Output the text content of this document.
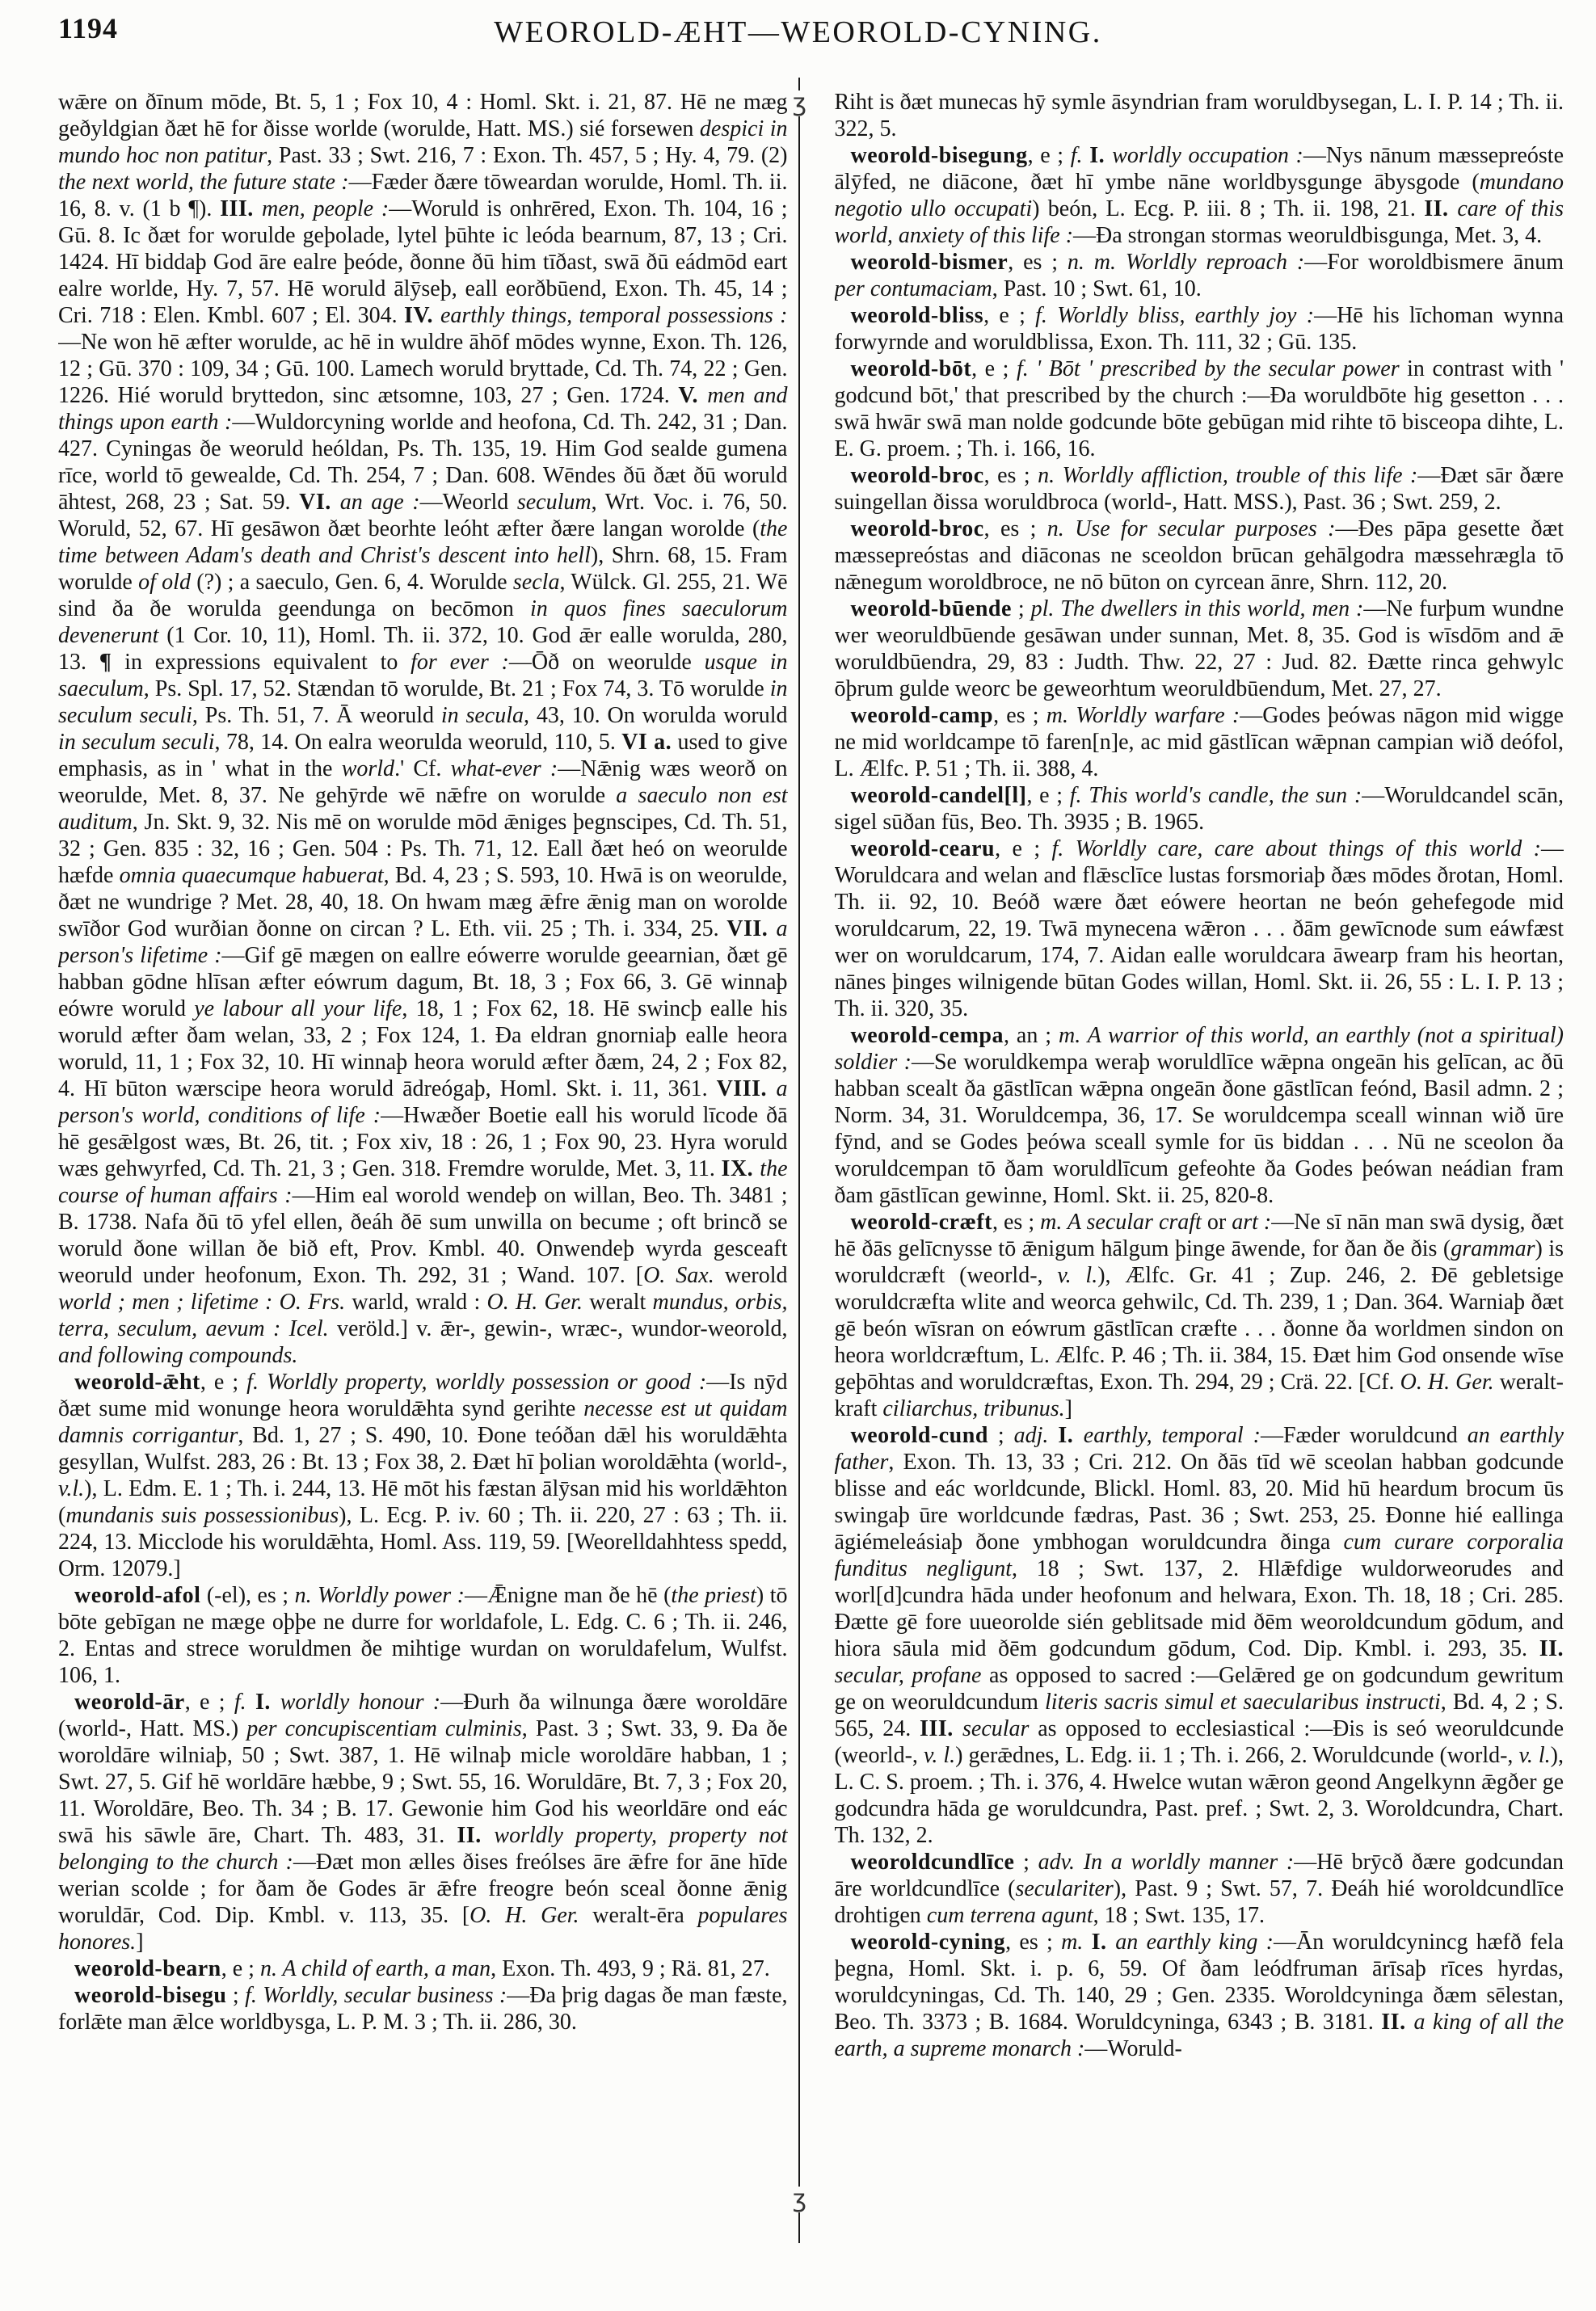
1194	WEOROLD-ÆHT—WEOROLD-CYNING.
ʒ
ʒ

wǣre on ðīnum mōde, Bt. 5, 1 ; Fox 10, 4 : Homl. Skt. i. 21, 87. Hē ne mæg geðyldgian ðæt hē for ðisse worlde (worulde, Hatt. MS.) sié forsewen despici in mundo hoc non patitur, Past. 33 ; Swt. 216, 7 : Exon. Th. 457, 5 ; Hy. 4, 79. (2) the next world, the future state :—Fæder ðære tōweardan worulde, Homl. Th. ii. 16, 8. v. (1 b ¶). III. men, people :—Woruld is onhrēred, Exon. Th. 104, 16 ; Gū. 8. Ic ðæt for worulde geþolade, lytel þūhte ic leóda bearnum, 87, 13 ; Cri. 1424. Hī biddaþ God āre ealre þeóde, ðonne ðū him tīðast, swā ðū eádmōd eart ealre worlde, Hy. 7, 57. Hē woruld ālȳseþ, eall eorðbūend, Exon. Th. 45, 14 ; Cri. 718 : Elen. Kmbl. 607 ; El. 304. IV. earthly things, temporal possessions :—Ne won hē æfter worulde, ac hē in wuldre āhōf mōdes wynne, Exon. Th. 126, 12 ; Gū. 370 : 109, 34 ; Gū. 100. Lamech woruld bryttade, Cd. Th. 74, 22 ; Gen. 1226. Hié woruld bryttedon, sinc ætsomne, 103, 27 ; Gen. 1724. V. men and things upon earth :—Wuldorcyning worlde and heofona, Cd. Th. 242, 31 ; Dan. 427. Cyningas ðe weoruld heóldan, Ps. Th. 135, 19. Him God sealde gumena rīce, world tō gewealde, Cd. Th. 254, 7 ; Dan. 608. Wēndes ðū ðæt ðū woruld āhtest, 268, 23 ; Sat. 59. VI. an age :—Weorld seculum, Wrt. Voc. i. 76, 50. Woruld, 52, 67. Hī gesāwon ðæt beorhte leóht æfter ðære langan worolde (the time between Adam's death and Christ's descent into hell), Shrn. 68, 15. Fram worulde of old (?) ; a saeculo, Gen. 6, 4. Worulde secla, Wülck. Gl. 255, 21. Wē sind ða ðe worulda geendunga on becōmon in quos fines saeculorum devenerunt (1 Cor. 10, 11), Homl. Th. ii. 372, 10. God ǣr ealle worulda, 280, 13. ¶ in expressions equivalent to for ever :—Ōð on weorulde usque in saeculum, Ps. Spl. 17, 52. Stændan tō worulde, Bt. 21 ; Fox 74, 3. Tō worulde in seculum seculi, Ps. Th. 51, 7. Ā weoruld in secula, 43, 10. On worulda woruld in seculum seculi, 78, 14. On ealra weorulda weoruld, 110, 5. VI a. used to give emphasis, as in ' what in the world.' Cf. what-ever :—Nǣnig wæs weorð on weorulde, Met. 8, 37. Ne gehȳrde wē nǣfre on worulde a saeculo non est auditum, Jn. Skt. 9, 32. Nis mē on worulde mōd ǣniges þegnscipes, Cd. Th. 51, 32 ; Gen. 835 : 32, 16 ; Gen. 504 : Ps. Th. 71, 12. Eall ðæt heó on weorulde hæfde omnia quaecumque habuerat, Bd. 4, 23 ; S. 593, 10. Hwā is on weorulde, ðæt ne wundrige ? Met. 28, 40, 18. On hwam mæg ǣfre ǣnig man on worolde swīðor God wurðian ðonne on circan ? L. Eth. vii. 25 ; Th. i. 334, 25. VII. a person's lifetime :—Gif gē mægen on eallre eówerre worulde geearnian, ðæt gē habban gōdne hlīsan æfter eówrum dagum, Bt. 18, 3 ; Fox 66, 3. Gē winnaþ eówre woruld ye labour all your life, 18, 1 ; Fox 62, 18. Hē swincþ ealle his woruld æfter ðam welan, 33, 2 ; Fox 124, 1. Ða eldran gnorniaþ ealle heora woruld, 11, 1 ; Fox 32, 10. Hī winnaþ heora woruld æfter ðæm, 24, 2 ; Fox 82, 4. Hī būton wærscipe heora woruld ādreógaþ, Homl. Skt. i. 11, 361. VIII. a person's world, conditions of life :—Hwæðer Boetie eall his woruld līcode ðā hē gesǣlgost wæs, Bt. 26, tit. ; Fox xiv, 18 : 26, 1 ; Fox 90, 23. Hyra woruld wæs gehwyrfed, Cd. Th. 21, 3 ; Gen. 318. Fremdre worulde, Met. 3, 11. IX. the course of human affairs :—Him eal worold wendeþ on willan, Beo. Th. 3481 ; B. 1738. Nafa ðū tō yfel ellen, ðeáh ðē sum unwilla on becume ; oft brincð se woruld ðone willan ðe bið eft, Prov. Kmbl. 40. Onwendeþ wyrda gesceaft weoruld under heofonum, Exon. Th. 292, 31 ; Wand. 107. [O. Sax. werold world ; men ; lifetime : O. Frs. warld, wrald : O. H. Ger. weralt mundus, orbis, terra, seculum, aevum : Icel. veröld.] v. ǣr-, gewin-, wræc-, wundor-weorold, and following compounds.

weorold-ǣht, e ; f. Worldly property, worldly possession or good :—Is nȳd ðæt sume mid wonunge heora woruldǣhta synd gerihte necesse est ut quidam damnis corrigantur, Bd. 1, 27 ; S. 490, 10. Ðone teóðan dǣl his woruldǣhta gesyllan, Wulfst. 283, 26 : Bt. 13 ; Fox 38, 2. Ðæt hī þolian woroldǣhta (world-, v.l.), L. Edm. E. 1 ; Th. i. 244, 13. Hē mōt his fæstan ālȳsan mid his worldǣhton (mundanis suis possessionibus), L. Ecg. P. iv. 60 ; Th. ii. 220, 27 : 63 ; Th. ii. 224, 13. Micclode his woruldǣhta, Homl. Ass. 119, 59. [Weorelldahhtess spedd, Orm. 12079.]

weorold-afol (-el), es ; n. Worldly power :—Ǣnigne man ðe hē (the priest) tō bōte gebīgan ne mæge oþþe ne durre for worldafole, L. Edg. C. 6 ; Th. ii. 246, 2. Entas and strece woruldmen ðe mihtige wurdan on woruldafelum, Wulfst. 106, 1.

weorold-ār, e ; f. I. worldly honour :—Ðurh ða wilnunga ðære woroldāre (world-, Hatt. MS.) per concupiscentiam culminis, Past. 3 ; Swt. 33, 9. Ða ðe woroldāre wilniaþ, 50 ; Swt. 387, 1. Hē wilnaþ micle woroldāre habban, 1 ; Swt. 27, 5. Gif hē worldāre hæbbe, 9 ; Swt. 55, 16. Woruldāre, Bt. 7, 3 ; Fox 20, 11. Woroldāre, Beo. Th. 34 ; B. 17. Gewonie him God his weorldāre ond eác swā his sāwle āre, Chart. Th. 483, 31. II. worldly property, property not belonging to the church :—Ðæt mon ælles ðises freólses āre ǣfre for āne hīde werian scolde ; for ðam ðe Godes ār ǣfre freogre beón sceal ðonne ǣnig woruldār, Cod. Dip. Kmbl. v. 113, 35. [O. H. Ger. weralt-ēra populares honores.]

weorold-bearn, e ; n. A child of earth, a man, Exon. Th. 493, 9 ; Rä. 81, 27.

weorold-bisegu ; f. Worldly, secular business :—Ða þrig dagas ðe man fæste, forlǣte man ǣlce worldbysga, L. P. M. 3 ; Th. ii. 286, 30.

Riht is ðæt munecas hȳ symle āsyndrian fram woruldbysegan, L. I. P. 14 ; Th. ii. 322, 5.

weorold-bisegung, e ; f. I. worldly occupation :—Nys nānum mæssepreóste ālȳfed, ne diācone, ðæt hī ymbe nāne worldbysgunge ābysgode (mundano negotio ullo occupati) beón, L. Ecg. P. iii. 8 ; Th. ii. 198, 21. II. care of this world, anxiety of this life :—Ða strongan stormas weoruldbisgunga, Met. 3, 4.

weorold-bismer, es ; n. m. Worldly reproach :—For woroldbismere ānum per contumaciam, Past. 10 ; Swt. 61, 10.

weorold-bliss, e ; f. Worldly bliss, earthly joy :—Hē his līchoman wynna forwyrnde and woruldblissa, Exon. Th. 111, 32 ; Gū. 135.

weorold-bōt, e ; f. ' Bōt ' prescribed by the secular power in contrast with ' godcund bōt,' that prescribed by the church :—Ða woruldbōte hig gesetton . . . swā hwār swā man nolde godcunde bōte gebūgan mid rihte tō bisceopa dihte, L. E. G. proem. ; Th. i. 166, 16.

weorold-broc, es ; n. Worldly affliction, trouble of this life :—Ðæt sār ðære suingellan ðissa woruldbroca (world-, Hatt. MSS.), Past. 36 ; Swt. 259, 2.

weorold-broc, es ; n. Use for secular purposes :—Ðes pāpa gesette ðæt mæssepreóstas and diāconas ne sceoldon brūcan gehālgodra mæssehrægla tō nǣnegum woroldbroce, ne nō būton on cyrcean ānre, Shrn. 112, 20.

weorold-būende ; pl. The dwellers in this world, men :—Ne furþum wundne wer weoruldbūende gesāwan under sunnan, Met. 8, 35. God is wīsdōm and ǣ woruldbūendra, 29, 83 : Judth. Thw. 22, 27 : Jud. 82. Ðætte rinca gehwylc ōþrum gulde weorc be geweorhtum weoruldbūendum, Met. 27, 27.

weorold-camp, es ; m. Worldly warfare :—Godes þeówas nāgon mid wigge ne mid worldcampe tō faren[n]e, ac mid gāstlīcan wǣpnan campian wið deófol, L. Ælfc. P. 51 ; Th. ii. 388, 4.

weorold-candel[l], e ; f. This world's candle, the sun :—Woruldcandel scān, sigel sūðan fūs, Beo. Th. 3935 ; B. 1965.

weorold-cearu, e ; f. Worldly care, care about things of this world :—Woruldcara and welan and flǣsclīce lustas forsmoriaþ ðæs mōdes ðrotan, Homl. Th. ii. 92, 10. Beóð wære ðæt eówere heortan ne beón gehefegode mid woruldcarum, 22, 19. Twā mynecena wǣron . . . ðām gewīcnode sum eáwfæst wer on woruldcarum, 174, 7. Aidan ealle woruldcara āwearp fram his heortan, nānes þinges wilnigende būtan Godes willan, Homl. Skt. ii. 26, 55 : L. I. P. 13 ; Th. ii. 320, 35.

weorold-cempa, an ; m. A warrior of this world, an earthly (not a spiritual) soldier :—Se woruldkempa weraþ woruldlīce wǣpna ongeān his gelīcan, ac ðū habban scealt ða gāstlīcan wǣpna ongeān ðone gāstlīcan feónd, Basil admn. 2 ; Norm. 34, 31. Woruldcempa, 36, 17. Se woruldcempa sceall winnan wið ūre fȳnd, and se Godes þeówa sceall symle for ūs biddan . . . Nū ne sceolon ða woruldcempan tō ðam woruldlīcum gefeohte ða Godes þeówan neádian fram ðam gāstlīcan gewinne, Homl. Skt. ii. 25, 820-8.

weorold-cræft, es ; m. A secular craft or art :—Ne sī nān man swā dysig, ðæt hē ðās gelīcnysse tō ǣnigum hālgum þinge āwende, for ðan ðe ðis (grammar) is woruldcræft (weorld-, v. l.), Ælfc. Gr. 41 ; Zup. 246, 2. Ðē gebletsige woruldcræfta wlite and weorca gehwilc, Cd. Th. 239, 1 ; Dan. 364. Warniaþ ðæt gē beón wīsran on eówrum gāstlīcan cræfte . . . ðonne ða worldmen sindon on heora worldcræftum, L. Ælfc. P. 46 ; Th. ii. 384, 15. Ðæt him God onsende wīse geþōhtas and woruldcræftas, Exon. Th. 294, 29 ; Crä. 22. [Cf. O. H. Ger. weralt-kraft ciliarchus, tribunus.]

weorold-cund ; adj. I. earthly, temporal :—Fæder woruldcund an earthly father, Exon. Th. 13, 33 ; Cri. 212. On ðās tīd wē sceolan habban godcunde blisse and eác worldcunde, Blickl. Homl. 83, 20. Mid hū heardum brocum ūs swingaþ ūre worldcunde fædras, Past. 36 ; Swt. 253, 25. Ðonne hié eallinga āgiémeleásiaþ ðone ymbhogan woruldcundra ðinga cum curare corporalia funditus negligunt, 18 ; Swt. 137, 2. Hlǣfdige wuldorweorudes and worl[d]cundra hāda under heofonum and helwara, Exon. Th. 18, 18 ; Cri. 285. Ðætte gē fore uueorolde sién geblitsade mid ðēm weoroldcundum gōdum, and hiora sāula mid ðēm godcundum gōdum, Cod. Dip. Kmbl. i. 293, 35. II. secular, profane as opposed to sacred :—Gelǣred ge on godcundum gewritum ge on weoruldcundum literis sacris simul et saecularibus instructi, Bd. 4, 2 ; S. 565, 24. III. secular as opposed to ecclesiastical :—Ðis is seó weoruldcunde (weorld-, v. l.) gerǣdnes, L. Edg. ii. 1 ; Th. i. 266, 2. Woruldcunde (world-, v. l.), L. C. S. proem. ; Th. i. 376, 4. Hwelce wutan wǣron geond Angelkynn ǣgðer ge godcundra hāda ge woruldcundra, Past. pref. ; Swt. 2, 3. Woroldcundra, Chart. Th. 132, 2.

weoroldcundlīce ; adv. In a worldly manner :—Hē brȳcð ðære godcundan āre worldcundlīce (seculariter), Past. 9 ; Swt. 57, 7. Ðeáh hié woroldcundlīce drohtigen cum terrena agunt, 18 ; Swt. 135, 17.

weorold-cyning, es ; m. I. an earthly king :—Ān woruldcynincg hæfð fela þegna, Homl. Skt. i. p. 6, 59. Of ðam leódfruman ārīsaþ rīces hyrdas, woruldcyningas, Cd. Th. 140, 29 ; Gen. 2335. Woroldcyninga ðæm sēlestan, Beo. Th. 3373 ; B. 1684. Woruldcyninga, 6343 ; B. 3181. II. a king of all the earth, a supreme monarch :—Woruld-
